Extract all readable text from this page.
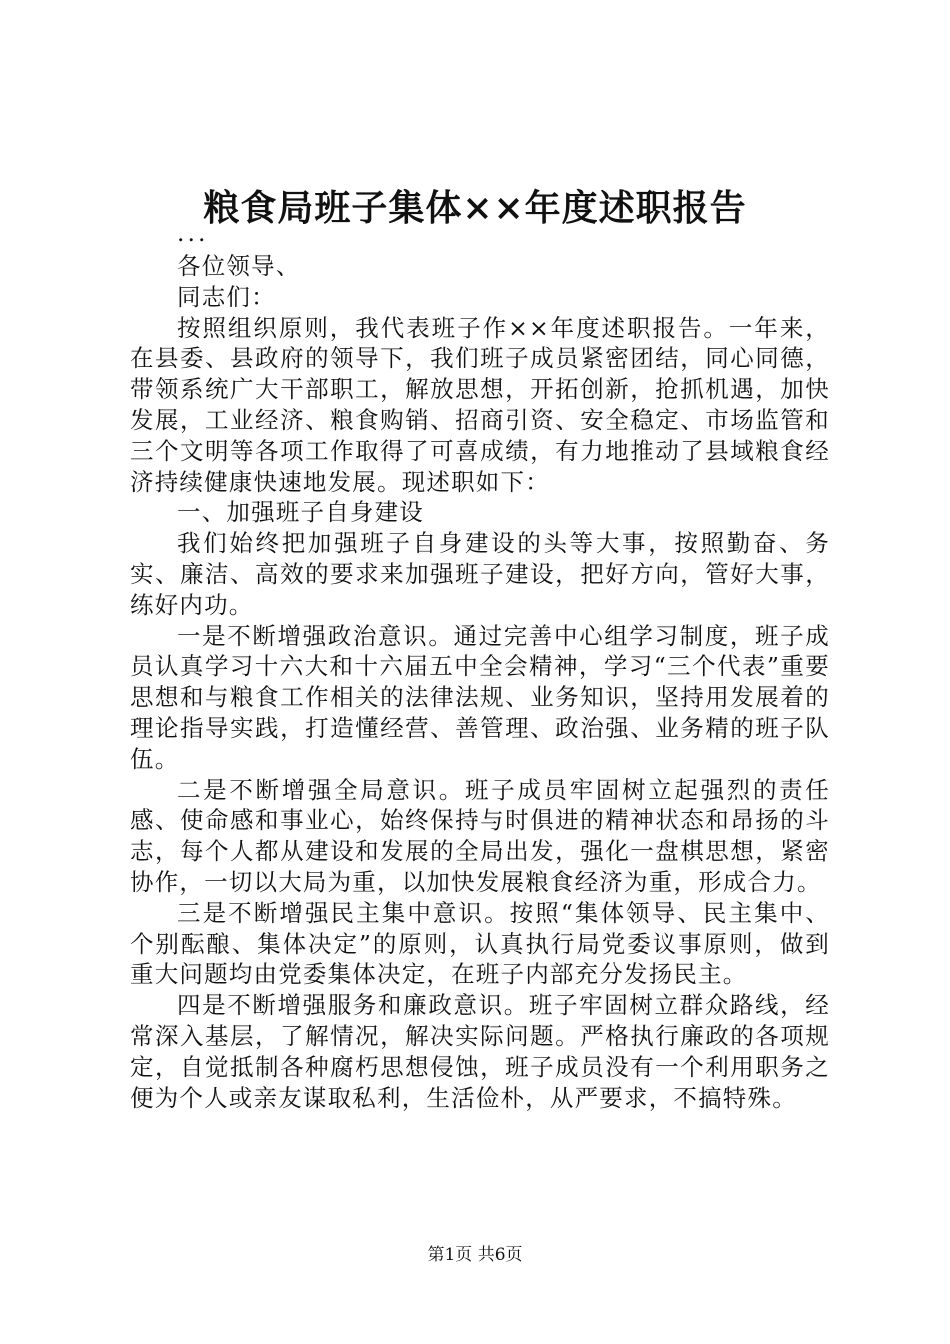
粮食局班子集体××年度述职报告

...

各位领导、

同志们：

按照组织原则，我代表班子作××年度述职报告。一年来，在县委、县政府的领导下，我们班子成员紧密团结，同心同德，带领系统广大干部职工，解放思想，开拓创新，抢抓机遇，加快发展，工业经济、粮食购销、招商引资、安全稳定、市场监管和三个文明等各项工作取得了可喜成绩，有力地推动了县域粮食经济持续健康快速地发展。现述职如下：

一、加强班子自身建设

我们始终把加强班子自身建设的头等大事，按照勤奋、务实、廉洁、高效的要求来加强班子建设，把好方向，管好大事，练好内功。

一是不断增强政治意识。通过完善中心组学习制度，班子成员认真学习十六大和十六届五中全会精神，学习“三个代表”重要思想和与粮食工作相关的法律法规、业务知识，坚持用发展着的理论指导实践，打造懂经营、善管理、政治强、业务精的班子队伍。

二是不断增强全局意识。班子成员牢固树立起强烈的责任感、使命感和事业心，始终保持与时俱进的精神状态和昂扬的斗志，每个人都从建设和发展的全局出发，强化一盘棋思想，紧密协作，一切以大局为重，以加快发展粮食经济为重，形成合力。

三是不断增强民主集中意识。按照“集体领导、民主集中、个别酝酿、集体决定”的原则，认真执行局党委议事原则，做到重大问题均由党委集体决定，在班子内部充分发扬民主。

四是不断增强服务和廉政意识。班子牢固树立群众路线，经常深入基层，了解情况，解决实际问题。严格执行廉政的各项规定，自觉抵制各种腐朽思想侵蚀，班子成员没有一个利用职务之便为个人或亲友谋取私利，生活俭朴，从严要求，不搞特殊。

第1页 共6页
